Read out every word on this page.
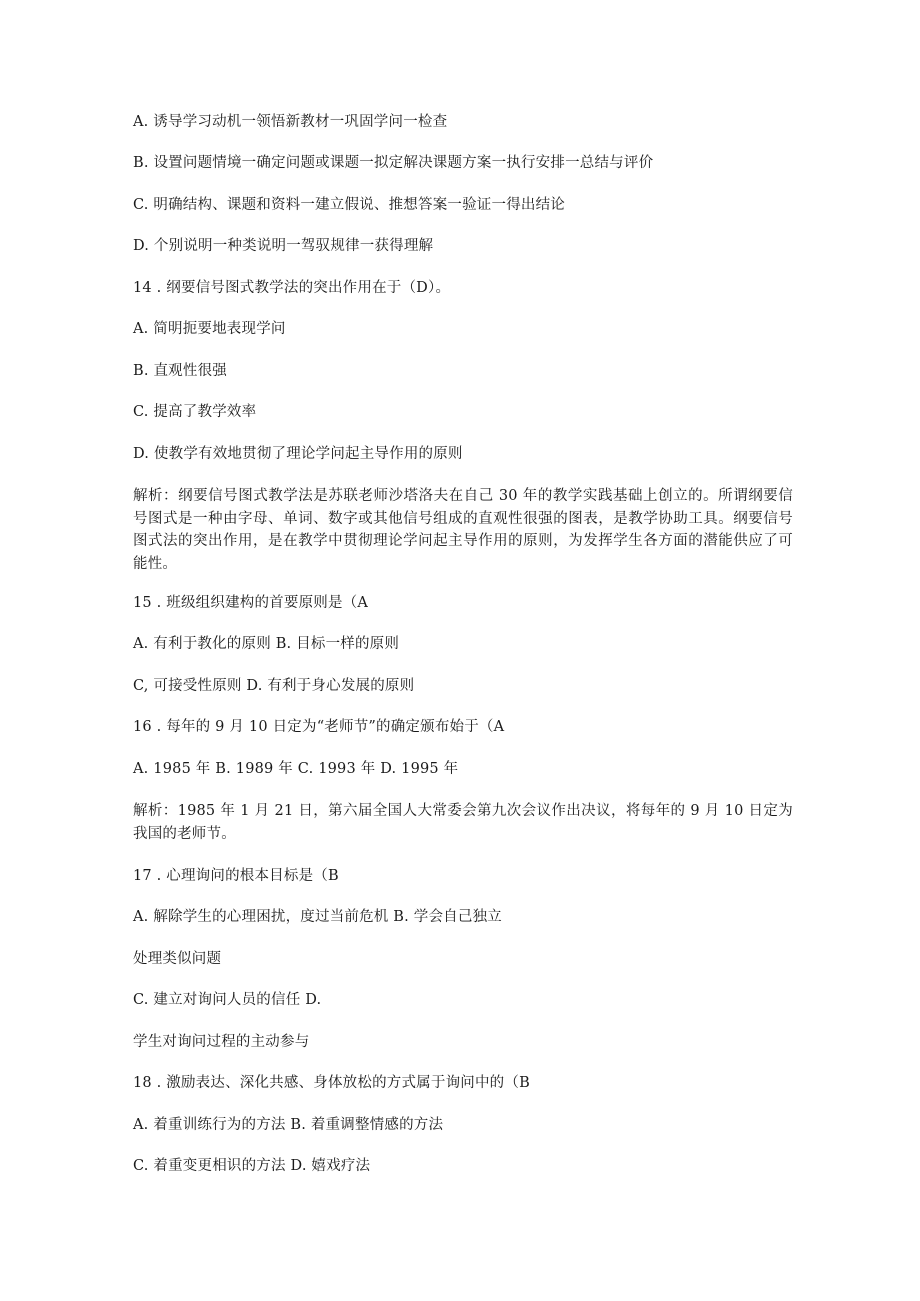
A. 诱导学习动机一领悟新教材一巩固学问一检查
B. 设置问题情境一确定问题或课题一拟定解决课题方案一执行安排一总结与评价
C. 明确结构、课题和资料一建立假说、推想答案一验证一得出结论
D. 个别说明一种类说明一驾驭规律一获得理解
14 . 纲要信号图式教学法的突出作用在于（D）。
A. 简明扼要地表现学问
B. 直观性很强
C. 提高了教学效率
D. 使教学有效地贯彻了理论学问起主导作用的原则
解析：纲要信号图式教学法是苏联老师沙塔洛夫在自己 30 年的教学实践基础上创立的。所谓纲要信号图式是一种由字母、单词、数字或其他信号组成的直观性很强的图表，是教学协助工具。纲要信号图式法的突出作用，是在教学中贯彻理论学问起主导作用的原则，为发挥学生各方面的潜能供应了可能性。
15 . 班级组织建构的首要原则是（A
A. 有利于教化的原则 B. 目标一样的原则
C, 可接受性原则 D. 有利于身心发展的原则
16 . 每年的 9 月 10 日定为“老师节”的确定颁布始于（A
A. 1985 年 B. 1989 年 C. 1993 年 D. 1995 年
解析：1985 年 1 月 21 日，第六届全国人大常委会第九次会议作出决议，将每年的 9 月 10 日定为我国的老师节。
17 . 心理询问的根本目标是（B
A. 解除学生的心理困扰，度过当前危机 B. 学会自己独立
处理类似问题
C. 建立对询问人员的信任 D.
学生对询问过程的主动参与
18 . 激励表达、深化共感、身体放松的方式属于询问中的（B
A. 着重训练行为的方法 B. 着重调整情感的方法
C. 着重变更相识的方法 D. 嬉戏疗法
